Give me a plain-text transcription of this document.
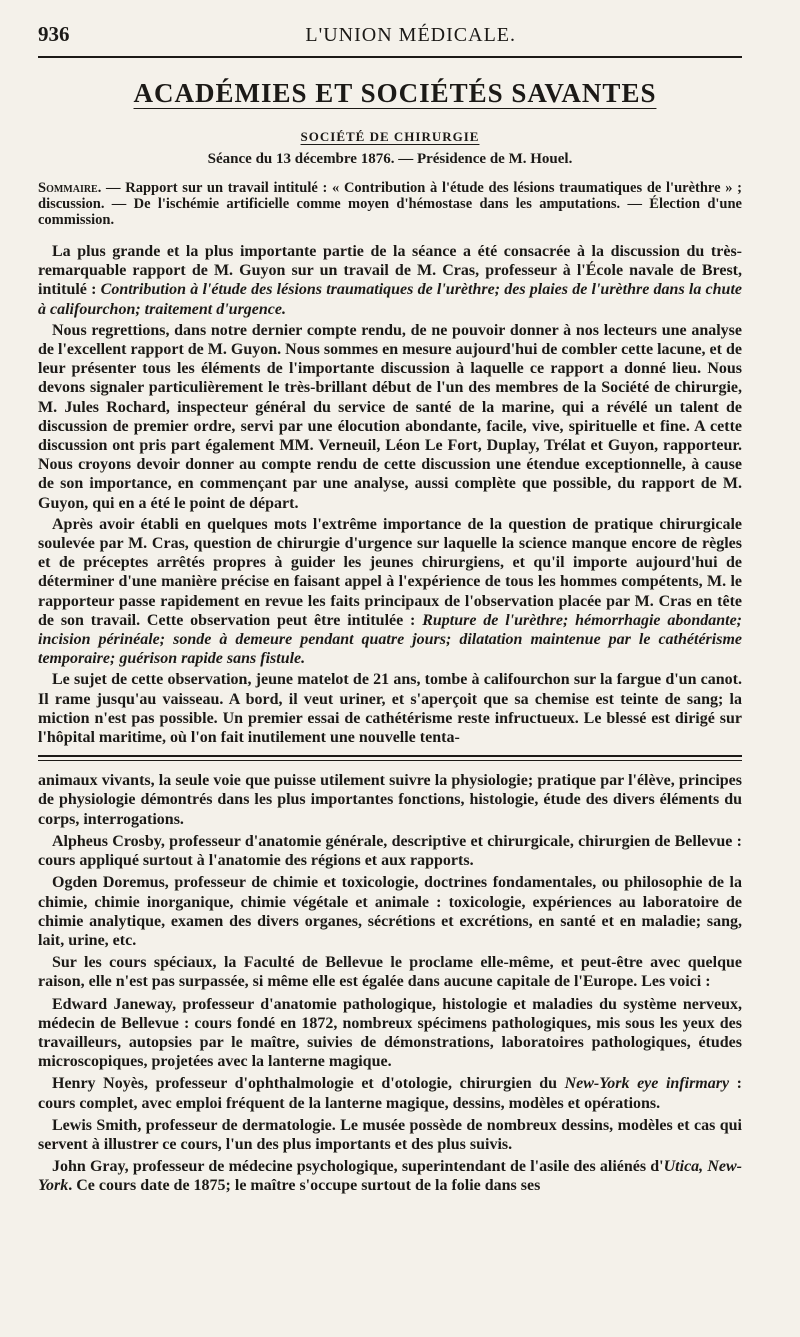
936	L'UNION MÉDICALE.
ACADÉMIES ET SOCIÉTÉS SAVANTES
SOCIÉTÉ DE CHIRURGIE
Séance du 13 décembre 1876. — Présidence de M. Houel.
Sommaire. — Rapport sur un travail intitulé : « Contribution à l'étude des lésions traumatiques de l'urèthre » ; discussion. — De l'ischémie artificielle comme moyen d'hémostase dans les amputations. — Élection d'une commission.

La plus grande et la plus importante partie de la séance a été consacrée à la discussion du très-remarquable rapport de M. Guyon sur un travail de M. Cras, professeur à l'École navale de Brest, intitulé : Contribution à l'étude des lésions traumatiques de l'urèthre; des plaies de l'urèthre dans la chute à califourchon; traitement d'urgence.

Nous regrettions, dans notre dernier compte rendu, de ne pouvoir donner à nos lecteurs une analyse de l'excellent rapport de M. Guyon. Nous sommes en mesure aujourd'hui de combler cette lacune, et de leur présenter tous les éléments de l'importante discussion à laquelle ce rapport a donné lieu. Nous devons signaler particulièrement le très-brillant début de l'un des membres de la Société de chirurgie, M. Jules Rochard, inspecteur général du service de santé de la marine, qui a révélé un talent de discussion de premier ordre, servi par une élocution abondante, facile, vive, spirituelle et fine. A cette discussion ont pris part également MM. Verneuil, Léon Le Fort, Duplay, Trélat et Guyon, rapporteur. Nous croyons devoir donner au compte rendu de cette discussion une étendue exceptionnelle, à cause de son importance, en commençant par une analyse, aussi complète que possible, du rapport de M. Guyon, qui en a été le point de départ.

Après avoir établi en quelques mots l'extrême importance de la question de pratique chirurgicale soulevée par M. Cras, question de chirurgie d'urgence sur laquelle la science manque encore de règles et de préceptes arrêtés propres à guider les jeunes chirurgiens, et qu'il importe aujourd'hui de déterminer d'une manière précise en faisant appel à l'expérience de tous les hommes compétents, M. le rapporteur passe rapidement en revue les faits principaux de l'observation placée par M. Cras en tête de son travail. Cette observation peut être intitulée : Rupture de l'urèthre; hémorrhagie abondante; incision périnéale; sonde à demeure pendant quatre jours; dilatation maintenue par le cathétérisme temporaire; guérison rapide sans fistule.

Le sujet de cette observation, jeune matelot de 21 ans, tombe à califourchon sur la fargue d'un canot. Il rame jusqu'au vaisseau. A bord, il veut uriner, et s'aperçoit que sa chemise est teinte de sang; la miction n'est pas possible. Un premier essai de cathétérisme reste infructueux. Le blessé est dirigé sur l'hôpital maritime, où l'on fait inutilement une nouvelle tenta-

animaux vivants, la seule voie que puisse utilement suivre la physiologie; pratique par l'élève, principes de physiologie démontrés dans les plus importantes fonctions, histologie, étude des divers éléments du corps, interrogations.

Alpheus Crosby, professeur d'anatomie générale, descriptive et chirurgicale, chirurgien de Bellevue : cours appliqué surtout à l'anatomie des régions et aux rapports.

Ogden Doremus, professeur de chimie et toxicologie, doctrines fondamentales, ou philosophie de la chimie, chimie inorganique, chimie végétale et animale : toxicologie, expériences au laboratoire de chimie analytique, examen des divers organes, sécrétions et excrétions, en santé et en maladie; sang, lait, urine, etc.

Sur les cours spéciaux, la Faculté de Bellevue le proclame elle-même, et peut-être avec quelque raison, elle n'est pas surpassée, si même elle est égalée dans aucune capitale de l'Europe. Les voici :

Edward Janeway, professeur d'anatomie pathologique, histologie et maladies du système nerveux, médecin de Bellevue : cours fondé en 1872, nombreux spécimens pathologiques, mis sous les yeux des travailleurs, autopsies par le maître, suivies de démonstrations, laboratoires pathologiques, études microscopiques, projetées avec la lanterne magique.

Henry Noyès, professeur d'ophthalmologie et d'otologie, chirurgien du New-York eye infirmary : cours complet, avec emploi fréquent de la lanterne magique, dessins, modèles et opérations.

Lewis Smith, professeur de dermatologie. Le musée possède de nombreux dessins, modèles et cas qui servent à illustrer ce cours, l'un des plus importants et des plus suivis.

John Gray, professeur de médecine psychologique, superintendant de l'asile des aliénés d'Utica, New-York. Ce cours date de 1875; le maître s'occupe surtout de la folie dans ses
